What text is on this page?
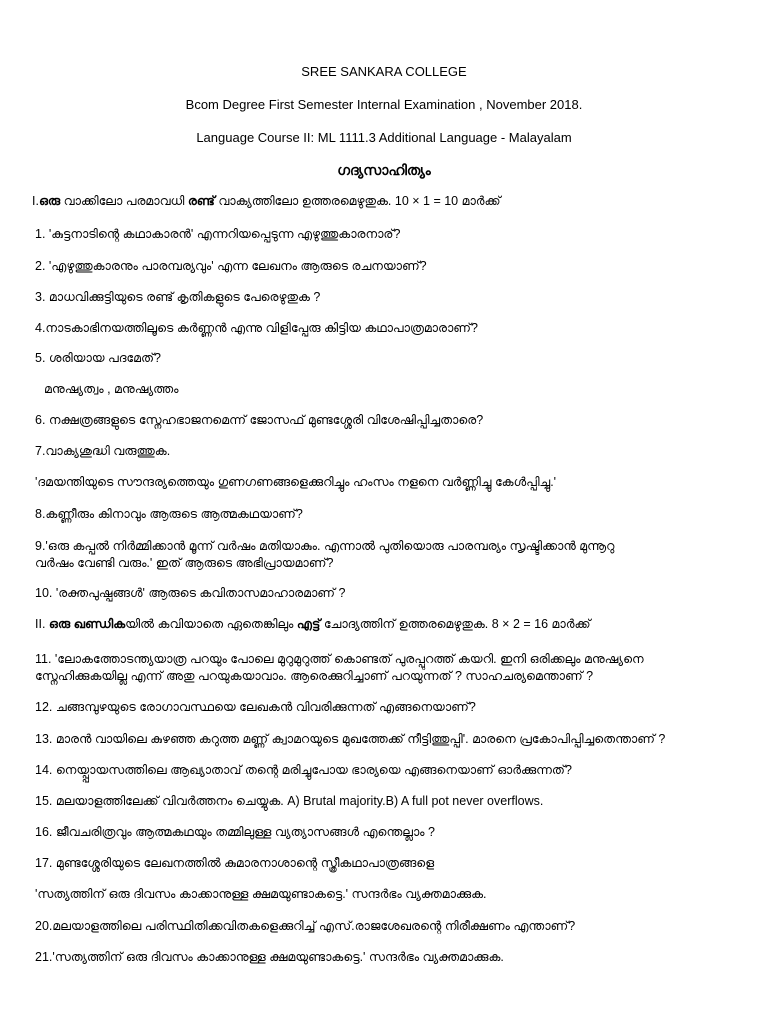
SREE SANKARA COLLEGE
Bcom Degree First Semester Internal Examination , November 2018.
Language Course II: ML 1111.3 Additional Language - Malayalam
ഗദ്യസാഹിത്യം
I.ഒരു വാക്കിലോ പരമാവധി രണ്ട് വാക്യത്തിലോ ഉത്തരമെഴുതുക. 10 × 1 = 10 മാർക്ക്
1. 'കുട്ടനാടിന്റെ കഥാകാരൻ' എന്നറിയപ്പെടുന്ന എഴുത്തുകാരനാര്?
2. 'എഴുത്തുകാരനും പാരമ്പര്യവും' എന്ന ലേഖനം ആരുടെ രചനയാണ്?
3. മാധവിക്കുട്ടിയുടെ രണ്ട് കൃതികളുടെ പേരെഴുതുക ?
4.നാടകാഭിനയത്തിലൂടെ കർണ്ണൻ എന്നു വിളിപ്പേരു കിട്ടിയ കഥാപാത്രമാരാണ്?
5. ശരിയായ പദമേത്?
മനുഷ്യത്വം , മനുഷ്യത്തം
6. നക്ഷത്രങ്ങളുടെ സ്നേഹഭാജനമെന്ന് ജോസഫ് മുണ്ടശ്ശേരി വിശേഷിപ്പിച്ചതാരെ?
7.വാക്യശുദ്ധി വരുത്തുക.
'ദമയന്തിയുടെ സൗന്ദര്യത്തെയും ഗുണഗണങ്ങളെക്കുറിച്ചും ഹംസം നളനെ വർണ്ണിച്ചു കേൾപ്പിച്ചു.'
8.കണ്ണീരും കിനാവും ആരുടെ ആത്മകഥയാണ്?
9.'ഒരു കപ്പൽ നിർമ്മിക്കാൻ മൂന്ന് വർഷം മതിയാകും. എന്നാൽ പുതിയൊരു പാരമ്പര്യം സൃഷ്ടിക്കാൻ മുന്നൂറു
വർഷം വേണ്ടി വരും.' ഇത് ആരുടെ അഭിപ്രായമാണ്?
10. 'രക്തപുഷ്പങ്ങൾ' ആരുടെ കവിതാസമാഹാരമാണ് ?
II. ഒരു ഖണ്ഡികയിൽ കവിയാതെ ഏതെങ്കിലും എട്ട് ചോദ്യത്തിന് ഉത്തരമെഴുതുക. 8 × 2 = 16 മാർക്ക്
11. 'ലോകത്തോടന്ത്യയാത്ര പറയും പോലെ മുറുമുറുത്ത് കൊണ്ടത് പുരപ്പുറത്ത് കയറി. ഇനി ഒരിക്കലും മനുഷ്യനെ
സ്നേഹിക്കുകയില്ല എന്ന് അതു പറയുകയാവാം. ആരെക്കുറിച്ചാണ് പറയുന്നത് ? സാഹചര്യമെന്താണ് ?
12. ചങ്ങമ്പുഴയുടെ രോഗാവസ്ഥയെ ലേഖകൻ വിവരിക്കുന്നത് എങ്ങനെയാണ്?
13. മാരൻ വായിലെ കുഴഞ്ഞ കറുത്ത മണ്ണ് ക്വാമറയുടെ മുഖത്തേക്ക് നീട്ടിത്തുപ്പി'. മാരനെ പ്രകോപിപ്പിച്ചതെന്താണ് ?
14. നെയ്പ്പായസത്തിലെ ആഖ്യാതാവ് തന്റെ മരിച്ചുപോയ ഭാര്യയെ എങ്ങനെയാണ് ഓർക്കുന്നത്?
15. മലയാളത്തിലേക്ക് വിവർത്തനം ചെയ്യുക. A) Brutal majority.B) A full pot never overflows.
16. ജീവചരിത്രവും ആത്മകഥയും തമ്മിലുള്ള വ്യത്യാസങ്ങൾ എന്തെല്ലാം ?
17. മുണ്ടശ്ശേരിയുടെ ലേഖനത്തിൽ കുമാരനാശാന്റെ സ്ത്രീകഥാപാത്രങ്ങളെ
'സത്യത്തിന് ഒരു ദിവസം കാക്കാനുള്ള ക്ഷമയുണ്ടാകട്ടെ.' സന്ദർഭം വ്യക്തമാക്കുക.
20.മലയാളത്തിലെ പരിസ്ഥിതിക്കവിതകളെക്കുറിച്ച് എസ്.രാജശേഖരന്റെ നിരീക്ഷണം എന്താണ്?
21.'സത്യത്തിന് ഒരു ദിവസം കാക്കാനുള്ള ക്ഷമയുണ്ടാകട്ടെ.' സന്ദർഭം വ്യക്തമാക്കുക.
